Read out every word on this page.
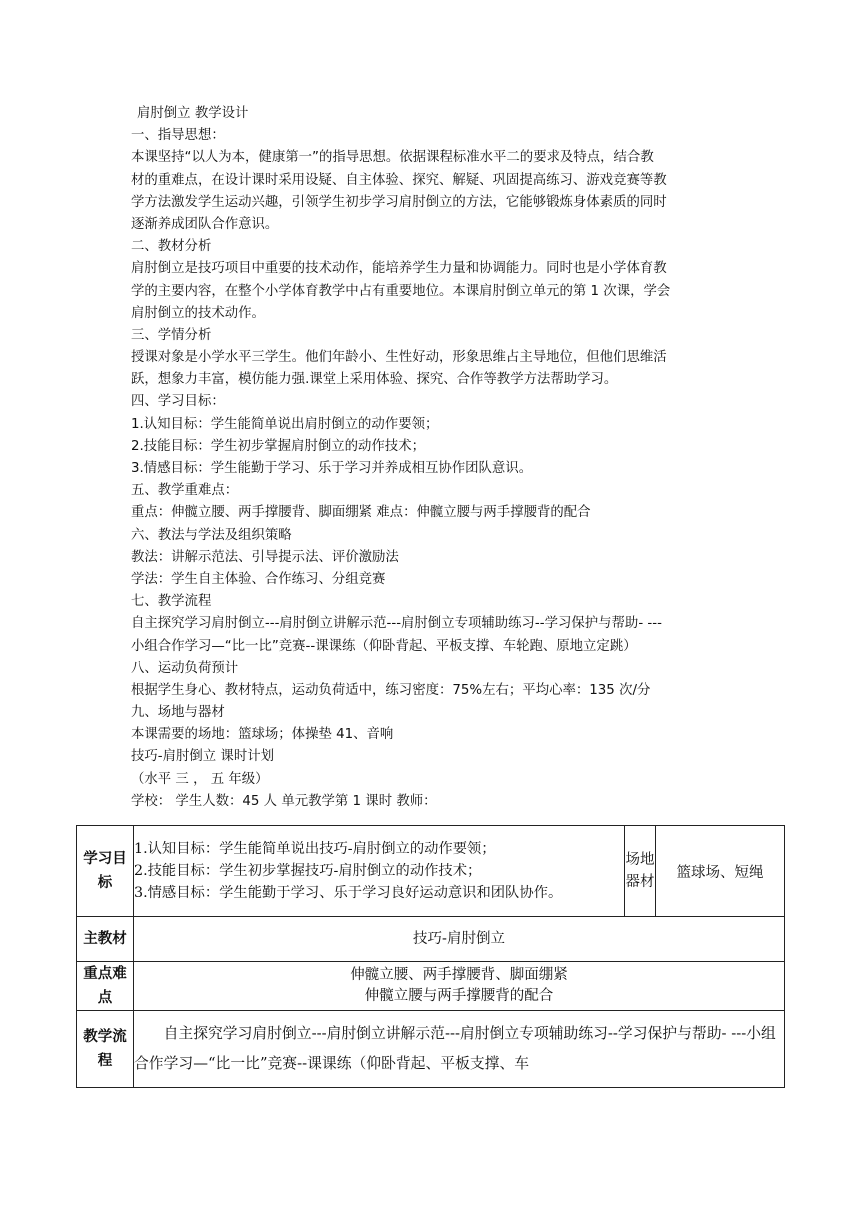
肩肘倒立 教学设计
一、指导思想：
本课坚持“以人为本，健康第一”的指导思想。依据课程标准水平二的要求及特点，结合教
材的重难点，在设计课时采用设疑、自主体验、探究、解疑、巩固提高练习、游戏竞赛等教
学方法激发学生运动兴趣，引领学生初步学习肩肘倒立的方法，它能够锻炼身体素质的同时
逐渐养成团队合作意识。
二、教材分析
肩肘倒立是技巧项目中重要的技术动作，能培养学生力量和协调能力。同时也是小学体育教
学的主要内容，在整个小学体育教学中占有重要地位。本课肩肘倒立单元的第 1 次课，学会
肩肘倒立的技术动作。
三、学情分析
授课对象是小学水平三学生。他们年龄小、生性好动，形象思维占主导地位，但他们思维活
跃，想象力丰富，模仿能力强.课堂上采用体验、探究、合作等教学方法帮助学习。
四、学习目标：
1.认知目标：学生能简单说出肩肘倒立的动作要领；
2.技能目标：学生初步掌握肩肘倒立的动作技术；
3.情感目标：学生能勤于学习、乐于学习并养成相互协作团队意识。
五、教学重难点：
重点：伸髋立腰、两手撑腰背、脚面绷紧 难点：伸髋立腰与两手撑腰背的配合
六、教法与学法及组织策略
教法：讲解示范法、引导提示法、评价激励法
学法：学生自主体验、合作练习、分组竞赛
七、教学流程
自主探究学习肩肘倒立---肩肘倒立讲解示范---肩肘倒立专项辅助练习--学习保护与帮助- ---
小组合作学习—“比一比”竞赛--课课练（仰卧背起、平板支撑、车轮跑、原地立定跳）
八、运动负荷预计
根据学生身心、教材特点，运动负荷适中，练习密度：75%左右；平均心率：135 次/分
九、场地与器材
本课需要的场地：篮球场；体操垫 41、音响
技巧-肩肘倒立 课时计划
（水平 三 ， 五 年级）
学校： 学生人数：45 人 单元教学第 1 课时 教师：
学习目标	1.认知目标：学生能简单说出技巧-肩肘倒立的动作要领；
2.技能目标：学生初步掌握技巧-肩肘倒立的动作技术；
3.情感目标：学生能勤于学习、乐于学习良好运动意识和团队协作。	场地器材	篮球场、短绳
主教材	技巧-肩肘倒立		
重点难点	伸髋立腰、两手撑腰背、脚面绷紧
伸髋立腰与两手撑腰背的配合		

教学流程	自主探究学习肩肘倒立---肩肘倒立讲解示范---肩肘倒立专项辅助练习--学习保护与帮助- ---小组合作学习—“比一比”竞赛--课课练（仰卧背起、平板支撑、车		
